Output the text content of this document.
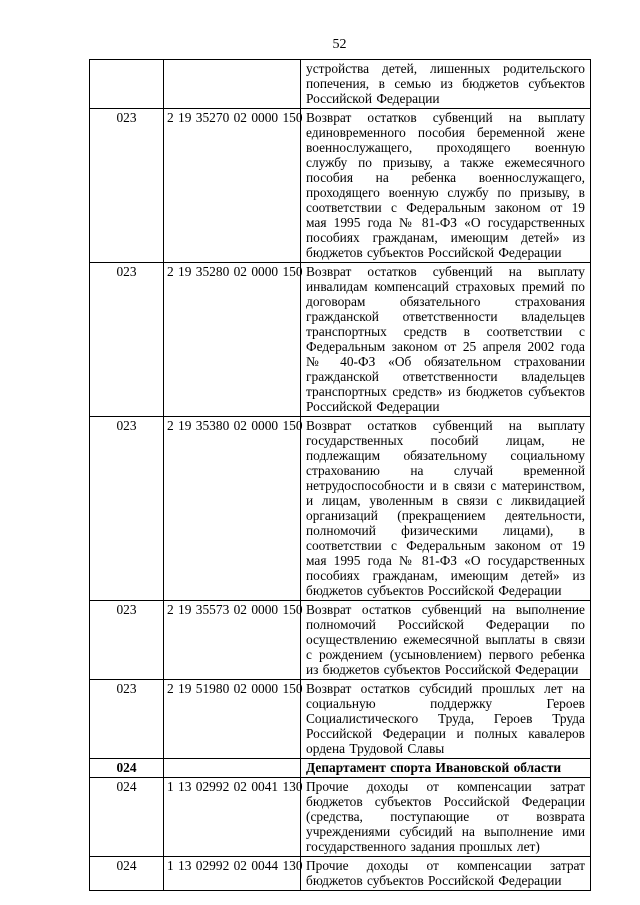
52
		устройства детей, лишенных родительского попечения, в семью из бюджетов субъектов Российской Федерации
023	2 19 35270 02 0000 150	Возврат остатков субвенций на выплату единовременного пособия беременной жене военнослужащего, проходящего военную службу по призыву, а также ежемесячного пособия на ребенка военнослужащего, проходящего военную службу по призыву, в соответствии с Федеральным законом от 19 мая 1995 года № 81-ФЗ «О государственных пособиях гражданам, имеющим детей» из бюджетов субъектов Российской Федерации
023	2 19 35280 02 0000 150	Возврат остатков субвенций на выплату инвалидам компенсаций страховых премий по договорам обязательного страхования гражданской ответственности владельцев транспортных средств в соответствии с Федеральным законом от 25 апреля 2002 года № 40-ФЗ «Об обязательном страховании гражданской ответственности владельцев транспортных средств» из бюджетов субъектов Российской Федерации
023	2 19 35380 02 0000 150	Возврат остатков субвенций на выплату государственных пособий лицам, не подлежащим обязательному социальному страхованию на случай временной нетрудоспособности и в связи с материнством, и лицам, уволенным в связи с ликвидацией организаций (прекращением деятельности, полномочий физическими лицами), в соответствии с Федеральным законом от 19 мая 1995 года № 81-ФЗ «О государственных пособиях гражданам, имеющим детей» из бюджетов субъектов Российской Федерации
023	2 19 35573 02 0000 150	Возврат остатков субвенций на выполнение полномочий Российской Федерации по осуществлению ежемесячной выплаты в связи с рождением (усыновлением) первого ребенка из бюджетов субъектов Российской Федерации
023	2 19 51980 02 0000 150	Возврат остатков субсидий прошлых лет на социальную поддержку Героев Социалистического Труда, Героев Труда Российской Федерации и полных кавалеров ордена Трудовой Славы
024		Департамент спорта Ивановской области
024	1 13 02992 02 0041 130	Прочие доходы от компенсации затрат бюджетов субъектов Российской Федерации (средства, поступающие от возврата учреждениями субсидий на выполнение ими государственного задания прошлых лет)
024	1 13 02992 02 0044 130	Прочие доходы от компенсации затрат бюджетов субъектов Российской Федерации
